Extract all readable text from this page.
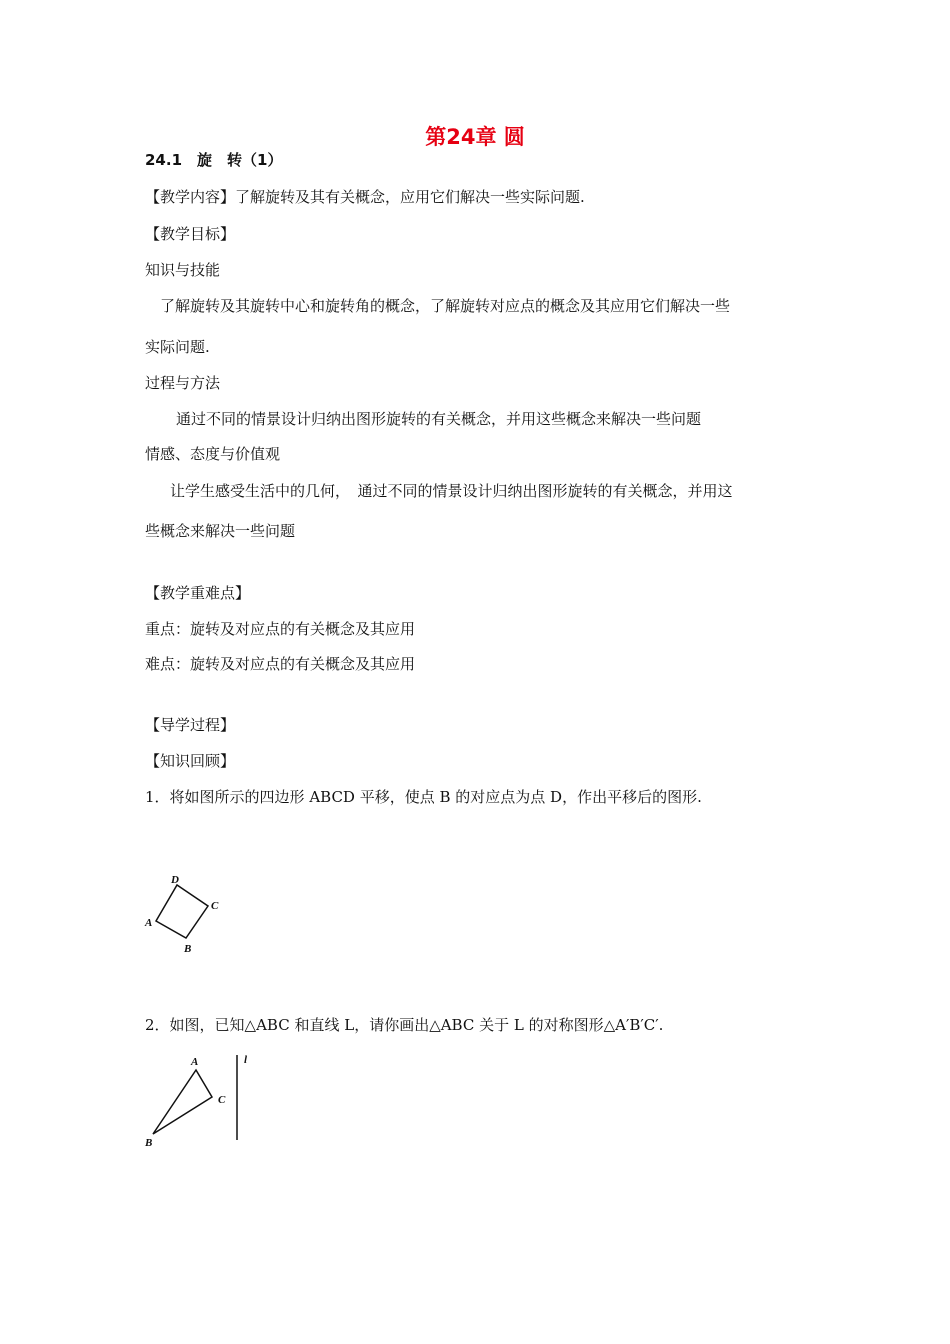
第24章 圆
24.1　旋　转（1）
【教学内容】了解旋转及其有关概念，应用它们解决一些实际问题.
【教学目标】
知识与技能
了解旋转及其旋转中心和旋转角的概念，了解旋转对应点的概念及其应用它们解决一些
实际问题.
过程与方法
通过不同的情景设计归纳出图形旋转的有关概念，并用这些概念来解决一些问题
情感、态度与价值观
让学生感受生活中的几何，　通过不同的情景设计归纳出图形旋转的有关概念，并用这
些概念来解决一些问题
【教学重难点】
重点：旋转及对应点的有关概念及其应用
难点：旋转及对应点的有关概念及其应用
【导学过程】
【知识回顾】
1．将如图所示的四边形 ABCD 平移，使点 B 的对应点为点 D，作出平移后的图形.
A
B
C
D
2．如图，已知△ABC 和直线 L，请你画出△ABC 关于 L 的对称图形△A′B′C′.
A
B
C
l
